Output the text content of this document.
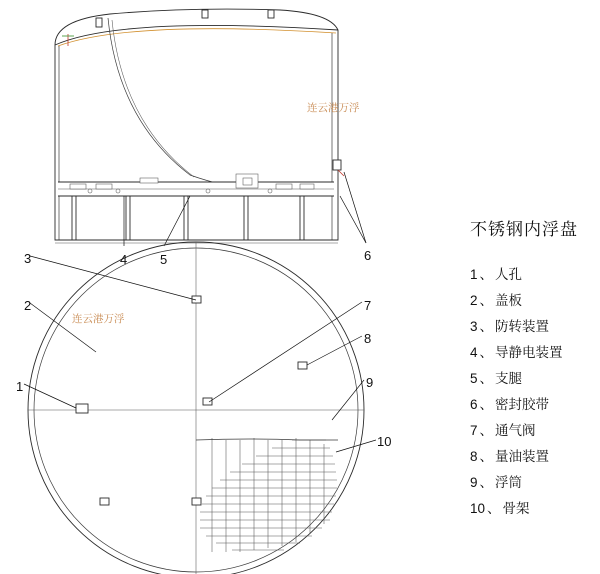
连云港万浮
连云港万浮
4	5	6
3
2
1
7
8
9
10
不锈钢内浮盘
1 、 人孔
2 、 盖板
3 、 防转装置
4 、 导静电装置
5 、 支腿
6 、 密封胶带
7 、 通气阀
8 、 量油装置
9 、 浮筒
10 、 骨架
